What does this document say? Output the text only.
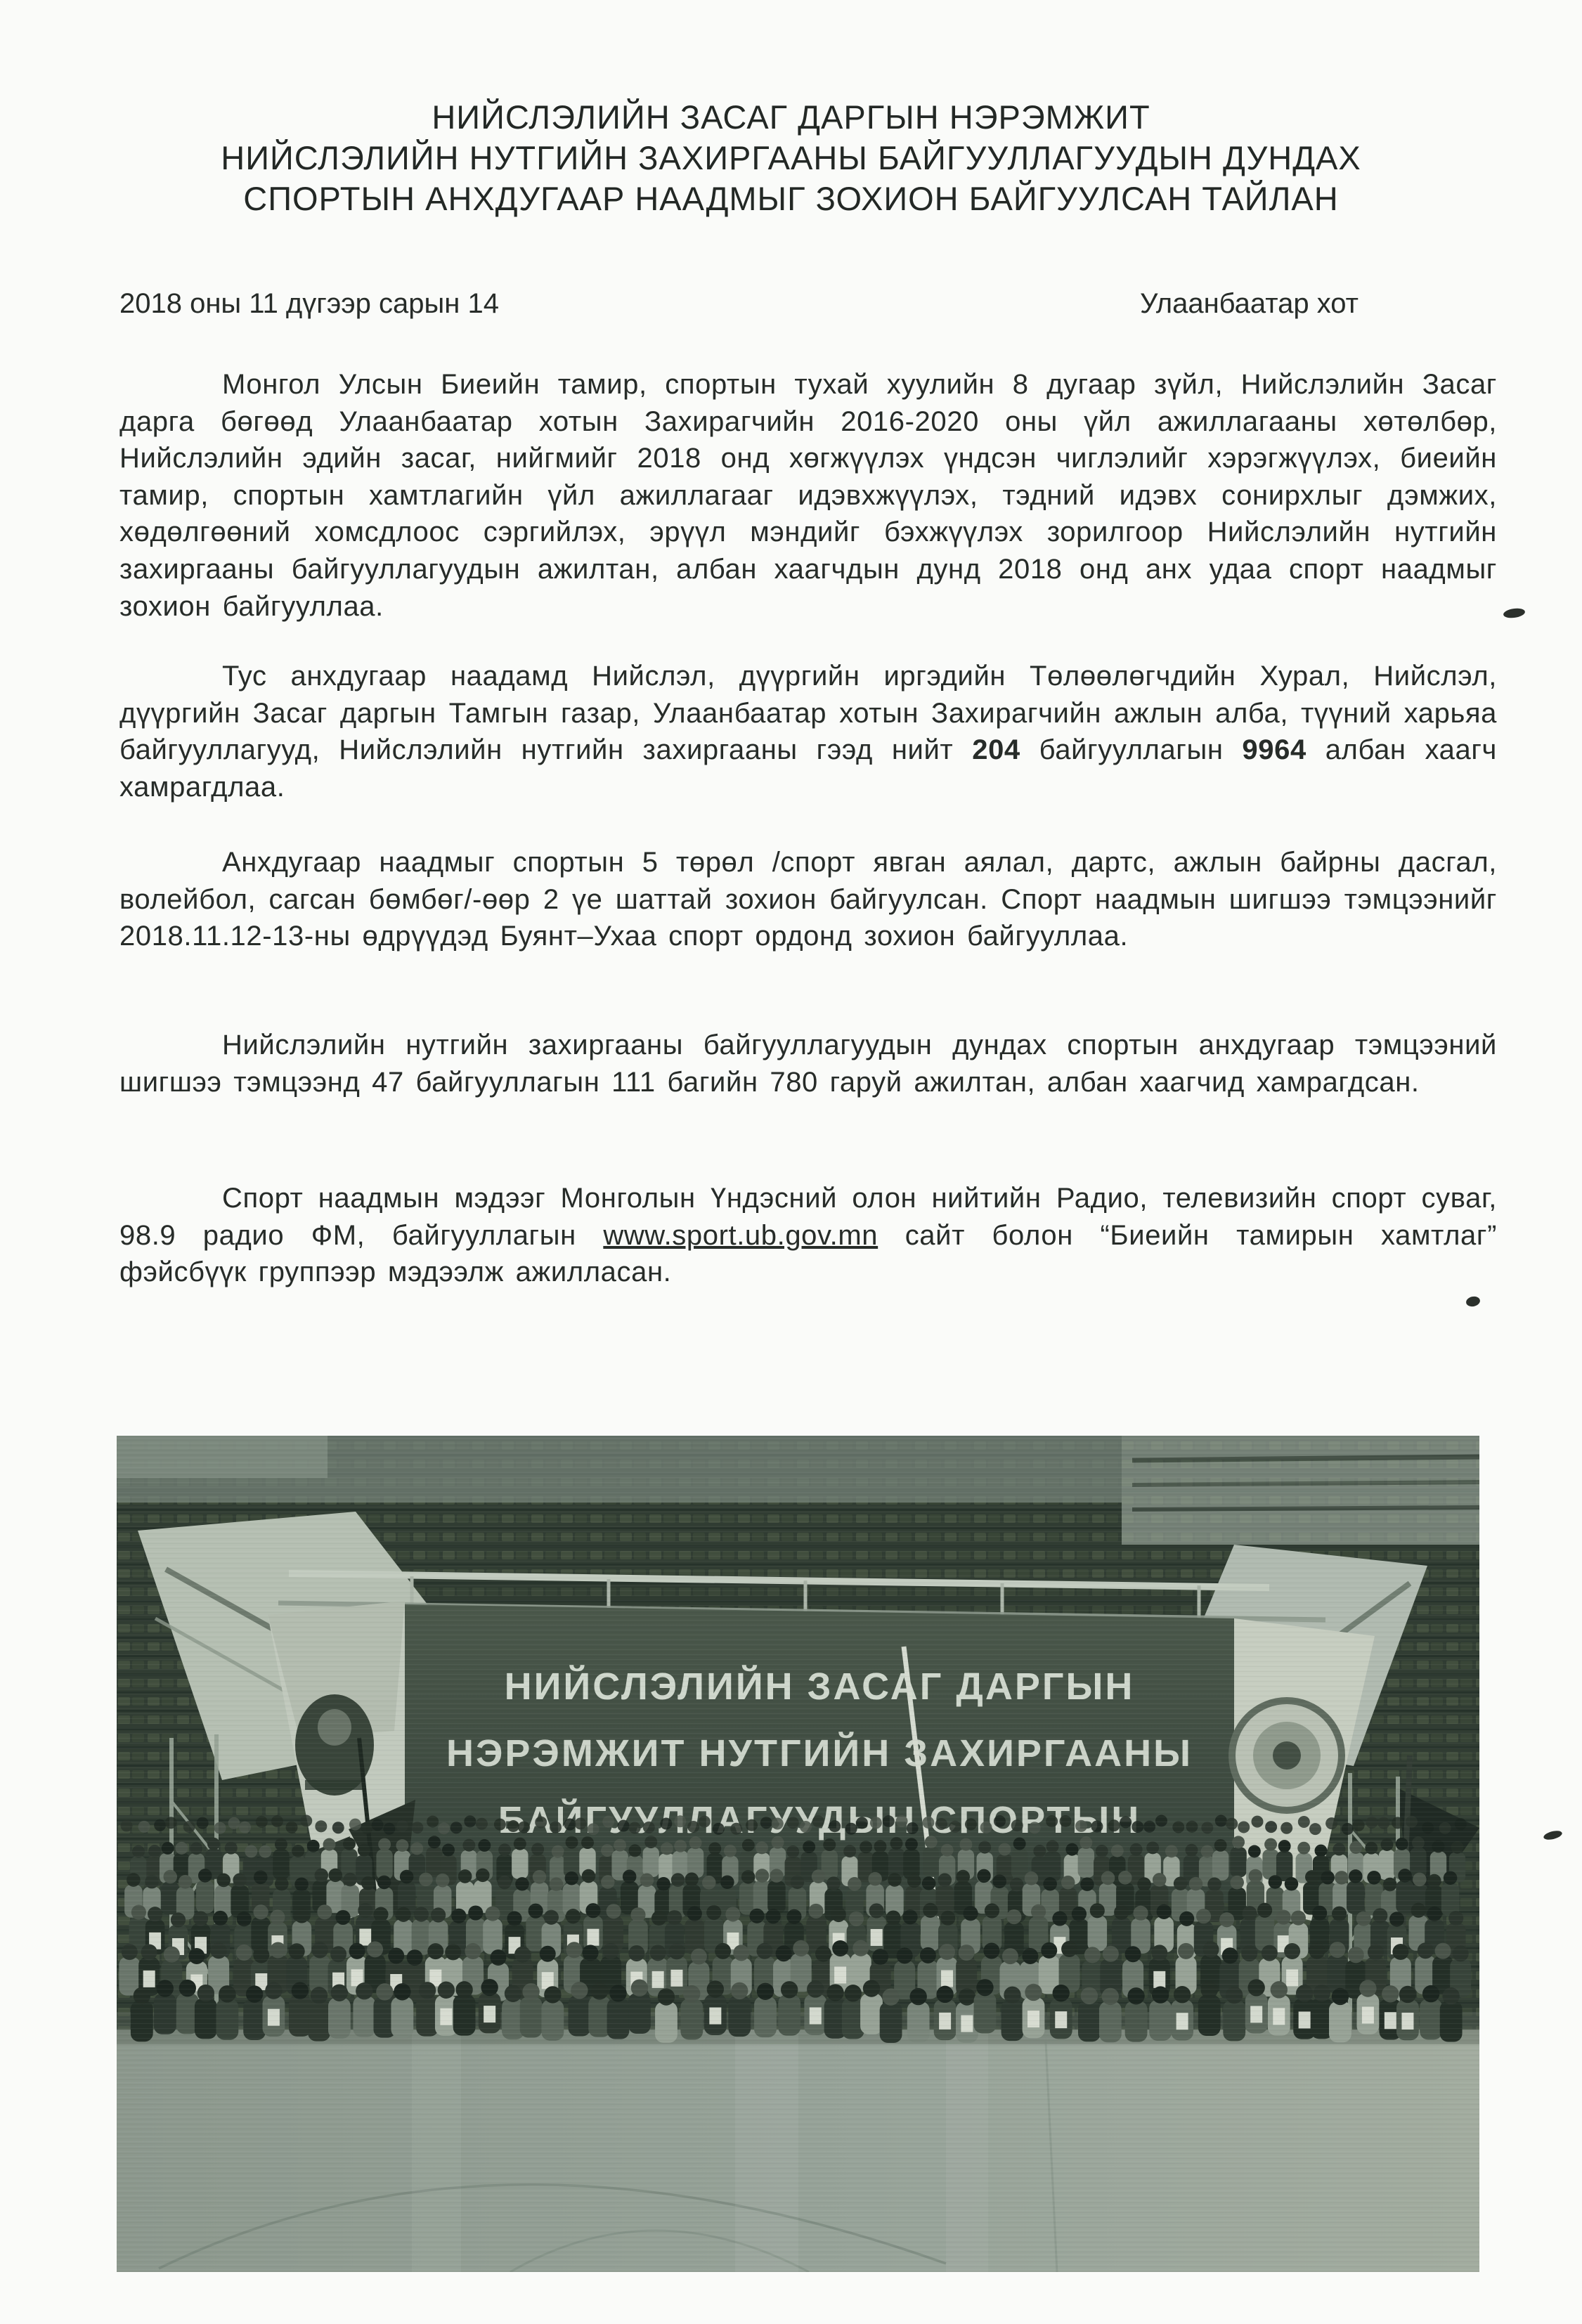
НИЙСЛЭЛИЙН ЗАСАГ ДАРГЫН НЭРЭМЖИТ
НИЙСЛЭЛИЙН НУТГИЙН ЗАХИРГААНЫ БАЙГУУЛЛАГУУДЫН ДУНДАХ
СПОРТЫН АНХДУГААР НААДМЫГ ЗОХИОН БАЙГУУЛСАН ТАЙЛАН
2018 оны 11 дүгээр сарын 14	Улаанбаатар хот

Монгол Улсын Биеийн тамир, спортын тухай хуулийн 8 дугаар зүйл, Нийслэлийн Засаг дарга бөгөөд Улаанбаатар хотын Захирагчийн 2016-2020 оны үйл ажиллагааны хөтөлбөр, Нийслэлийн эдийн засаг, нийгмийг 2018 онд хөгжүүлэх үндсэн чиглэлийг хэрэгжүүлэх, биеийн тамир, спортын хамтлагийн үйл ажиллагааг идэвхжүүлэх, тэдний идэвх сонирхлыг дэмжих, хөдөлгөөний хомсдлоос сэргийлэх, эрүүл мэндийг бэхжүүлэх зорилгоор Нийслэлийн нутгийн захиргааны байгууллагуудын ажилтан, албан хаагчдын дунд 2018 онд анх удаа спорт наадмыг зохион байгууллаа.

Тус анхдугаар наадамд Нийслэл, дүүргийн иргэдийн Төлөөлөгчдийн Хурал, Нийслэл, дүүргийн Засаг даргын Тамгын газар, Улаанбаатар хотын Захирагчийн ажлын алба, түүний харьяа байгууллагууд, Нийслэлийн нутгийн захиргааны гээд нийт 204 байгууллагын 9964 албан хаагч хамрагдлаа.

Анхдугаар наадмыг спортын 5 төрөл /спорт явган аялал, дартс, ажлын байрны дасгал, волейбол, сагсан бөмбөг/-өөр 2 үе шаттай зохион байгуулсан. Спорт наадмын шигшээ тэмцээнийг 2018.11.12-13-ны өдрүүдэд Буянт–Ухаа спорт ордонд зохион байгууллаа.

Нийслэлийн нутгийн захиргааны байгууллагуудын дундах спортын анхдугаар тэмцээний шигшээ тэмцээнд 47 байгууллагын 111 багийн 780 гаруй ажилтан, албан хаагчид хамрагдсан.

Спорт наадмын мэдээг Монголын Үндэсний олон нийтийн Радио, телевизийн спорт суваг, 98.9 радио ФМ, байгууллагын www.sport.ub.gov.mn сайт болон “Биеийн тамирын хамтлаг” фэйсбүүк группээр мэдээлж ажилласан.
